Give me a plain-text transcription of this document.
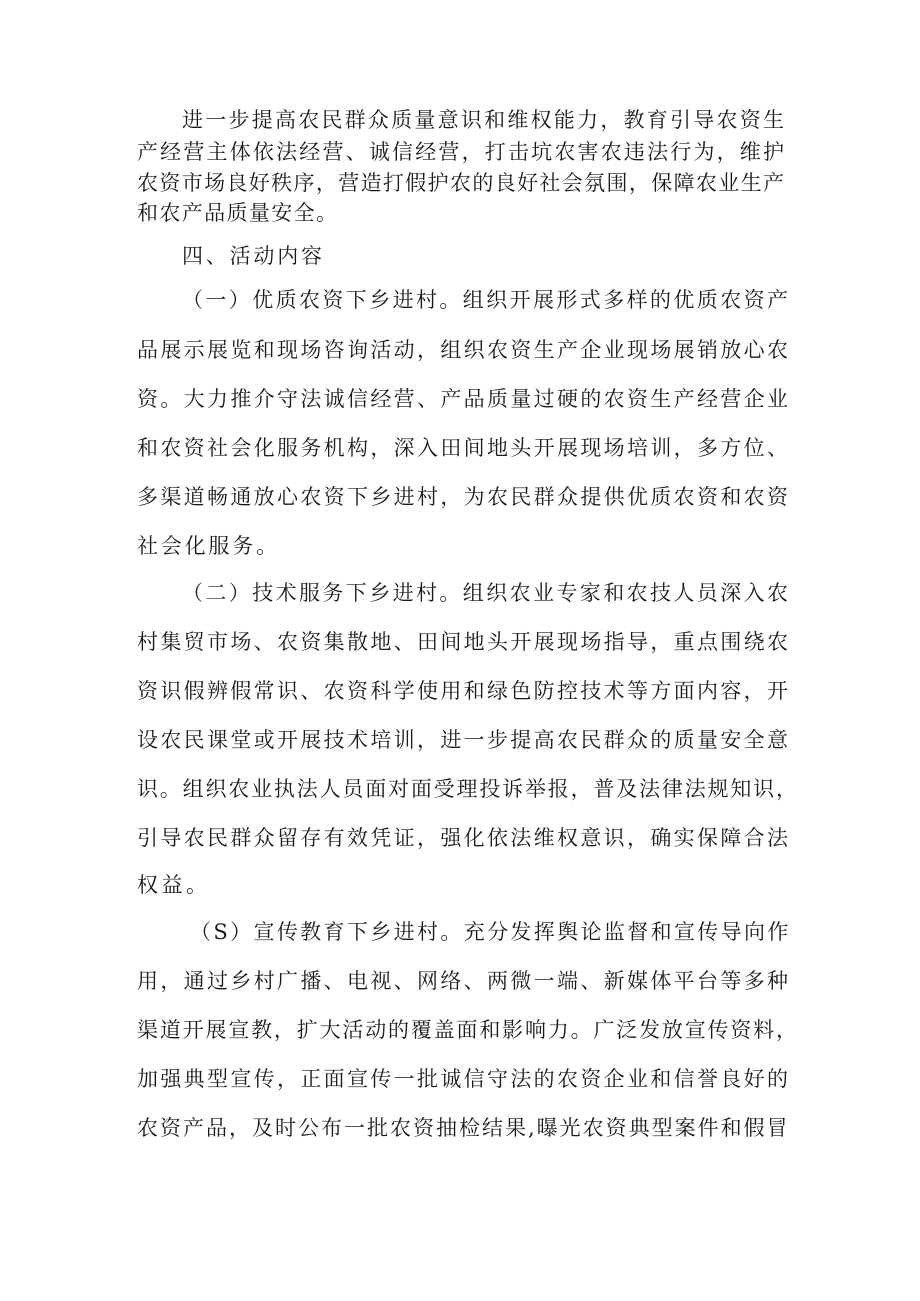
进一步提高农民群众质量意识和维权能力，教育引导农资生
产经营主体依法经营、诚信经营，打击坑农害农违法行为，维护
农资市场良好秩序，营造打假护农的良好社会氛围，保障农业生产
和农产品质量安全。
四、活动内容
（一）优质农资下乡进村。组织开展形式多样的优质农资产
品展示展览和现场咨询活动，组织农资生产企业现场展销放心农
资。大力推介守法诚信经营、产品质量过硬的农资生产经营企业
和农资社会化服务机构，深入田间地头开展现场培训，多方位、
多渠道畅通放心农资下乡进村，为农民群众提供优质农资和农资
社会化服务。
（二）技术服务下乡进村。组织农业专家和农技人员深入农
村集贸市场、农资集散地、田间地头开展现场指导，重点围绕农
资识假辨假常识、农资科学使用和绿色防控技术等方面内容，开
设农民课堂或开展技术培训，进一步提高农民群众的质量安全意
识。组织农业执法人员面对面受理投诉举报，普及法律法规知识，
引导农民群众留存有效凭证，强化依法维权意识，确实保障合法
权益。
（S）宣传教育下乡进村。充分发挥舆论监督和宣传导向作
用，通过乡村广播、电视、网络、两微一端、新媒体平台等多种
渠道开展宣教，扩大活动的覆盖面和影响力。广泛发放宣传资料，
加强典型宣传，正面宣传一批诚信守法的农资企业和信誉良好的
农资产品，及时公布一批农资抽检结果,曝光农资典型案件和假冒
